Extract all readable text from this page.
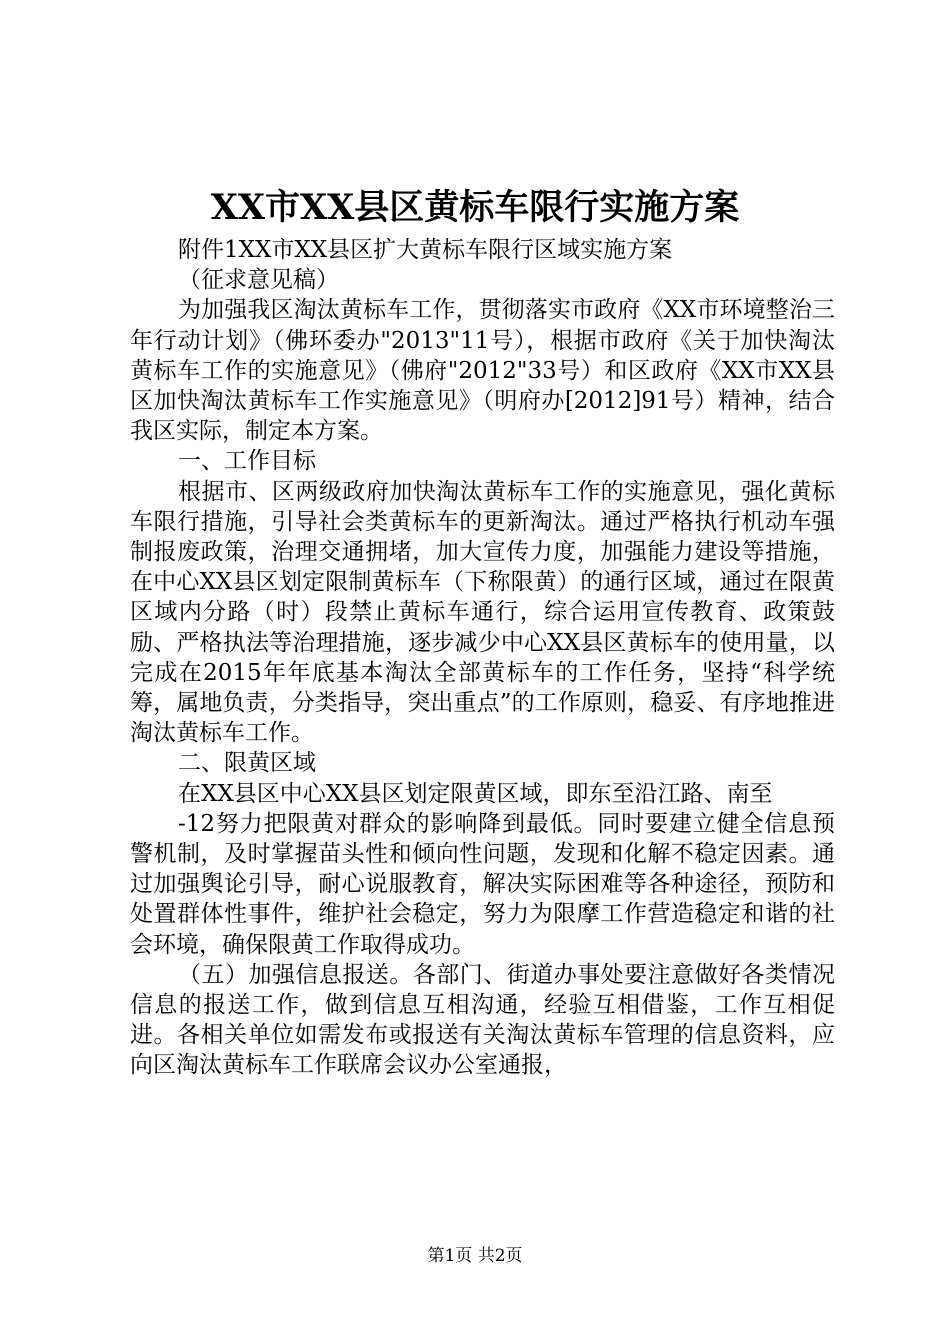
XX市XX县区黄标车限行实施方案

附件1XX市XX县区扩大黄标车限行区域实施方案

（征求意见稿）

为加强我区淘汰黄标车工作，贯彻落实市政府《XX市环境整治三年行动计划》（佛环委办"2013"11号），根据市政府《关于加快淘汰黄标车工作的实施意见》（佛府"2012"33号）和区政府《XX市XX县区加快淘汰黄标车工作实施意见》（明府办[2012]91号）精神，结合我区实际，制定本方案。

一、工作目标

根据市、区两级政府加快淘汰黄标车工作的实施意见，强化黄标车限行措施，引导社会类黄标车的更新淘汰。通过严格执行机动车强制报废政策，治理交通拥堵，加大宣传力度，加强能力建设等措施，在中心XX县区划定限制黄标车（下称限黄）的通行区域，通过在限黄区域内分路（时）段禁止黄标车通行，综合运用宣传教育、政策鼓励、严格执法等治理措施，逐步减少中心XX县区黄标车的使用量，以完成在2015年年底基本淘汰全部黄标车的工作任务，坚持“科学统筹，属地负责，分类指导，突出重点”的工作原则，稳妥、有序地推进淘汰黄标车工作。

二、限黄区域

在XX县区中心XX县区划定限黄区域，即东至沿江路、南至

-12努力把限黄对群众的影响降到最低。同时要建立健全信息预警机制，及时掌握苗头性和倾向性问题，发现和化解不稳定因素。通过加强舆论引导，耐心说服教育，解决实际困难等各种途径，预防和处置群体性事件，维护社会稳定，努力为限摩工作营造稳定和谐的社会环境，确保限黄工作取得成功。

（五）加强信息报送。各部门、街道办事处要注意做好各类情况信息的报送工作，做到信息互相沟通，经验互相借鉴，工作互相促进。各相关单位如需发布或报送有关淘汰黄标车管理的信息资料，应向区淘汰黄标车工作联席会议办公室通报，

第1页 共2页
